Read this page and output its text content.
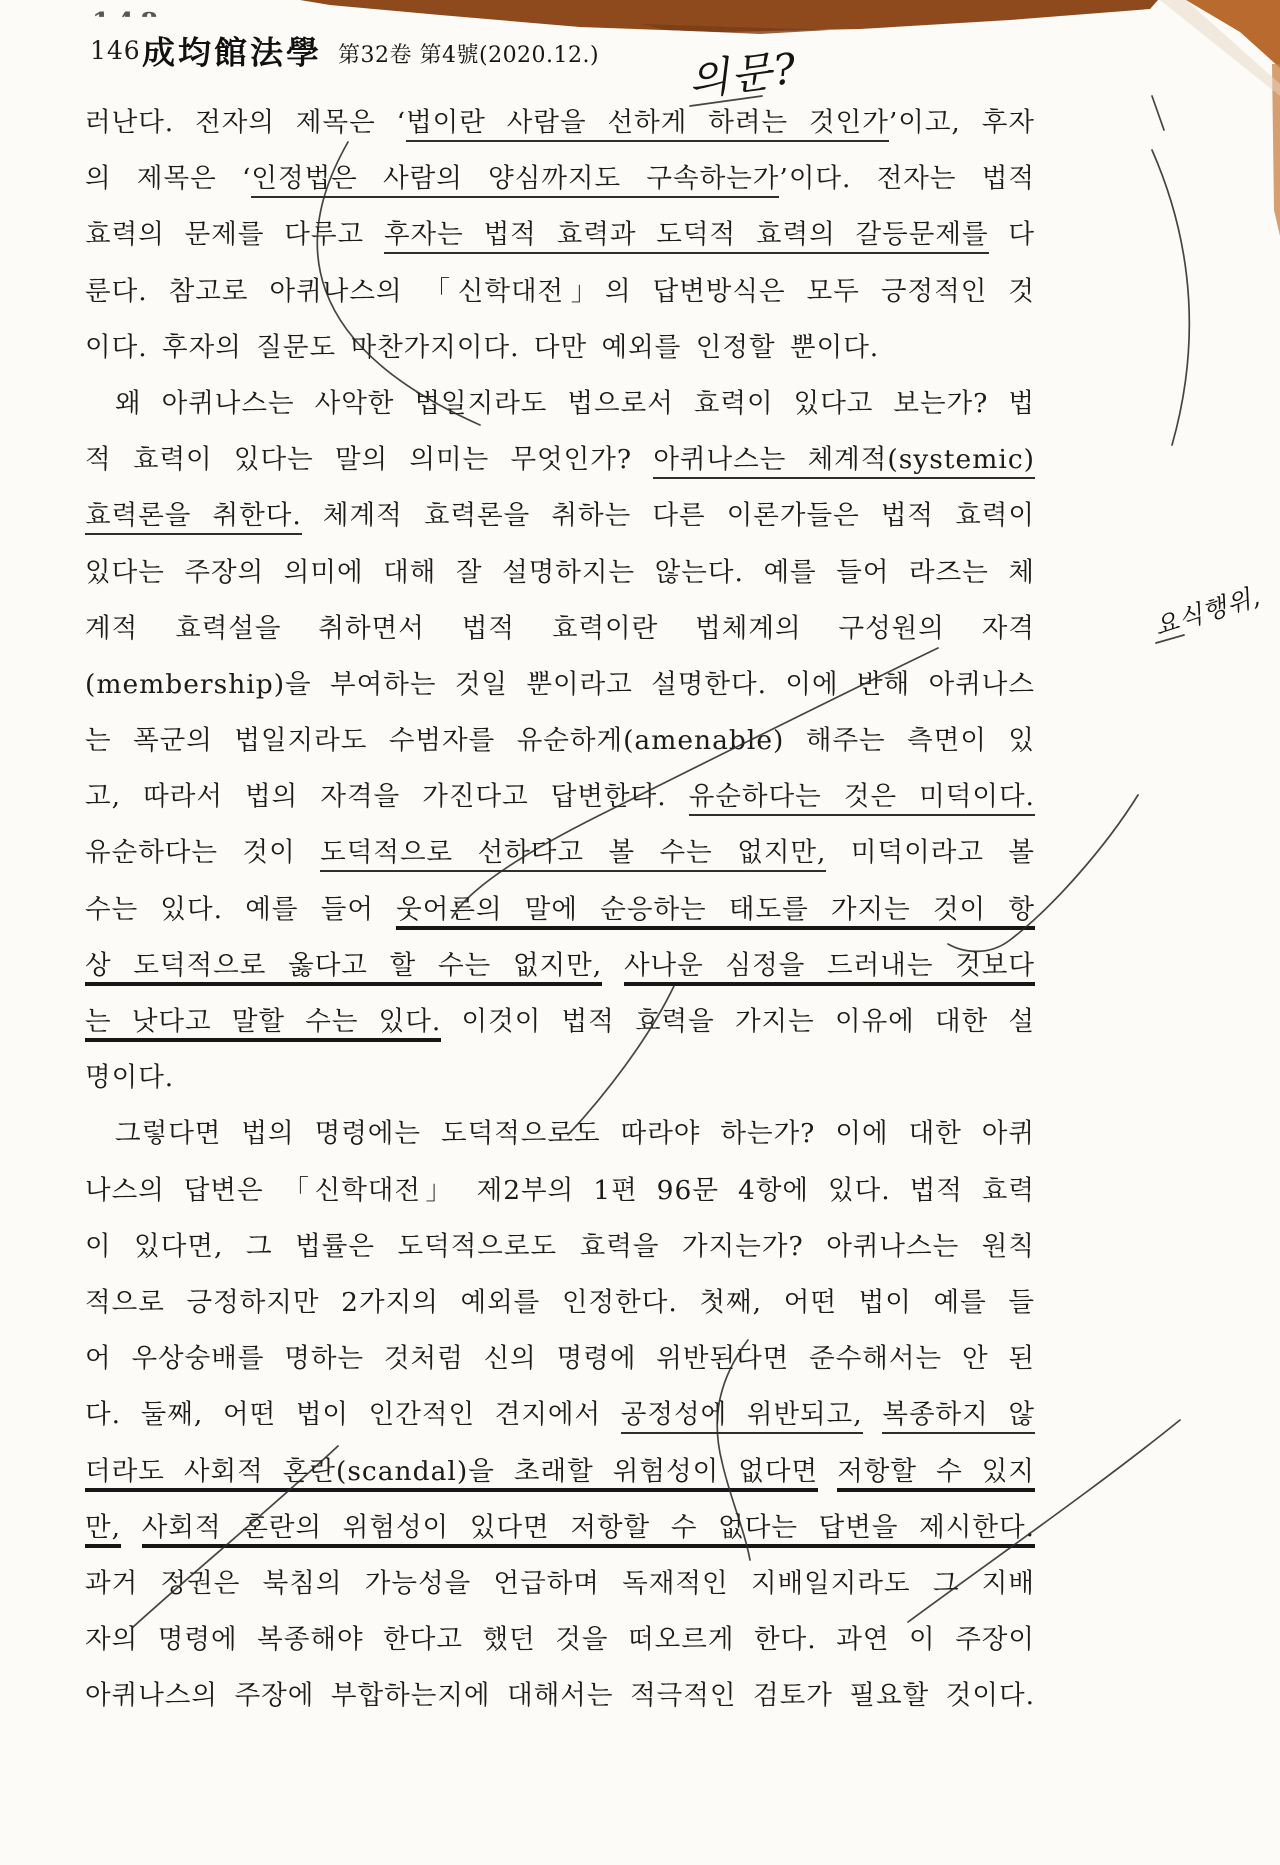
146 成均館法學 第32卷 第4號(2020.12.) 의문?
요식행위,
러난다. 전자의 제목은 ‘법이란 사람을 선하게 하려는 것인가’이고, 후자
의 제목은 ‘인정법은 사람의 양심까지도 구속하는가’이다. 전자는 법적
효력의 문제를 다루고 후자는 법적 효력과 도덕적 효력의 갈등문제를 다
룬다. 참고로 아퀴나스의 「신학대전」의 답변방식은 모두 긍정적인 것
이다. 후자의 질문도 마찬가지이다. 다만 예외를 인정할 뿐이다.
왜 아퀴나스는 사악한 법일지라도 법으로서 효력이 있다고 보는가? 법
적 효력이 있다는 말의 의미는 무엇인가? 아퀴나스는 체계적(systemic)
효력론을 취한다. 체계적 효력론을 취하는 다른 이론가들은 법적 효력이
있다는 주장의 의미에 대해 잘 설명하지는 않는다. 예를 들어 라즈는 체
계적 효력설을 취하면서 법적 효력이란 법체계의 구성원의 자격
(membership)을 부여하는 것일 뿐이라고 설명한다. 이에 반해 아퀴나스
는 폭군의 법일지라도 수범자를 유순하게(amenable) 해주는 측면이 있
고, 따라서 법의 자격을 가진다고 답변한다. 유순하다는 것은 미덕이다.
유순하다는 것이 도덕적으로 선하다고 볼 수는 없지만, 미덕이라고 볼
수는 있다. 예를 들어 웃어른의 말에 순응하는 태도를 가지는 것이 항
상 도덕적으로 옳다고 할 수는 없지만, 사나운 심정을 드러내는 것보다
는 낫다고 말할 수는 있다. 이것이 법적 효력을 가지는 이유에 대한 설
명이다.
그렇다면 법의 명령에는 도덕적으로도 따라야 하는가? 이에 대한 아퀴
나스의 답변은 「신학대전」 제2부의 1편 96문 4항에 있다. 법적 효력
이 있다면, 그 법률은 도덕적으로도 효력을 가지는가? 아퀴나스는 원칙
적으로 긍정하지만 2가지의 예외를 인정한다. 첫째, 어떤 법이 예를 들
어 우상숭배를 명하는 것처럼 신의 명령에 위반된다면 준수해서는 안 된
다. 둘째, 어떤 법이 인간적인 견지에서 공정성에 위반되고, 복종하지 않
더라도 사회적 혼란(scandal)을 초래할 위험성이 없다면 저항할 수 있지
만, 사회적 혼란의 위험성이 있다면 저항할 수 없다는 답변을 제시한다.
과거 정권은 북침의 가능성을 언급하며 독재적인 지배일지라도 그 지배
자의 명령에 복종해야 한다고 했던 것을 떠오르게 한다. 과연 이 주장이
아퀴나스의 주장에 부합하는지에 대해서는 적극적인 검토가 필요할 것이다.
